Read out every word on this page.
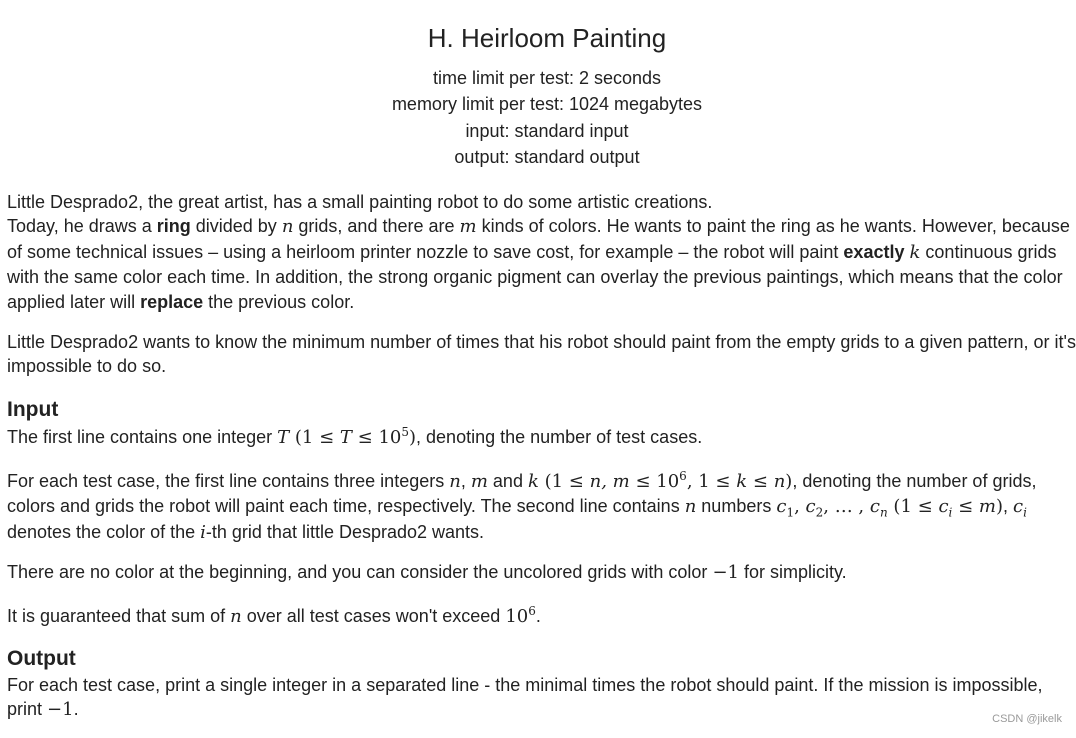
H. Heirloom Painting
time limit per test: 2 seconds
memory limit per test: 1024 megabytes
input: standard input
output: standard output
Little Desprado2, the great artist, has a small painting robot to do some artistic creations.
Today, he draws a ring divided by n grids, and there are m kinds of colors. He wants to paint the ring as he wants. However, because of some technical issues – using a heirloom printer nozzle to save cost, for example – the robot will paint exactly k continuous grids with the same color each time. In addition, the strong organic pigment can overlay the previous paintings, which means that the color applied later will replace the previous color.
Little Desprado2 wants to know the minimum number of times that his robot should paint from the empty grids to a given pattern, or it's impossible to do so.
Input
The first line contains one integer T $(1 \le T \le 10^5)$, denoting the number of test cases.
For each test case, the first line contains three integers n, m and k (1 ≤ n, $m \le 10^6$, 1 ≤ k ≤ n), denoting the number of grids, colors and grids the robot will paint each time, respectively. The second line contains n numbers $c_1$, $c_2$, … , $c_n$ $(1 \le c_i \le m)$, $c_i$ denotes the color of the i-th grid that little Desprado2 wants.
There are no color at the beginning, and you can consider the uncolored grids with color −1 for simplicity.
It is guaranteed that sum of n over all test cases won't exceed $10^6$.
Output
For each test case, print a single integer in a separated line - the minimal times the robot should paint. If the mission is impossible, print −1.	CSDN @jikelk
